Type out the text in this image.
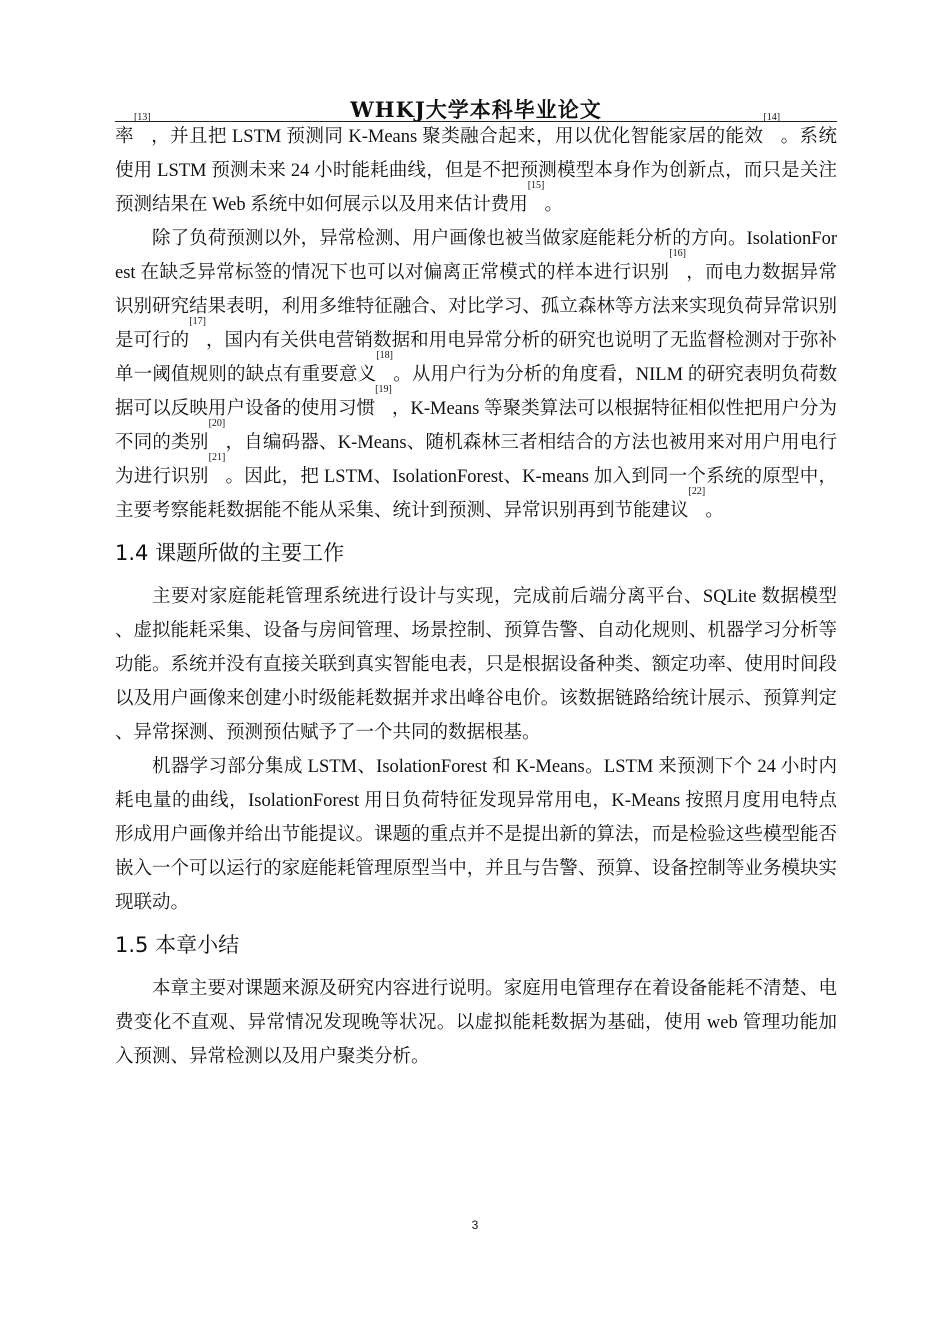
WHKJ大学本科毕业论文

率[13]，并且把 LSTM 预测同 K-Means 聚类融合起来，用以优化智能家居的能效[14]。系统使用 LSTM 预测未来 24 小时能耗曲线，但是不把预测模型本身作为创新点，而只是关注预测结果在 Web 系统中如何展示以及用来估计费用[15]。

除了负荷预测以外，异常检测、用户画像也被当做家庭能耗分析的方向。IsolationForest 在缺乏异常标签的情况下也可以对偏离正常模式的样本进行识别[16]，而电力数据异常识别研究结果表明，利用多维特征融合、对比学习、孤立森林等方法来实现负荷异常识别是可行的[17]，国内有关供电营销数据和用电异常分析的研究也说明了无监督检测对于弥补单一阈值规则的缺点有重要意义[18]。从用户行为分析的角度看，NILM 的研究表明负荷数据可以反映用户设备的使用习惯[19]，K-Means 等聚类算法可以根据特征相似性把用户分为不同的类别[20]，自编码器、K-Means、随机森林三者相结合的方法也被用来对用户用电行为进行识别[21]。因此，把 LSTM、IsolationForest、K-means 加入到同一个系统的原型中，主要考察能耗数据能不能从采集、统计到预测、异常识别再到节能建议[22]。

1.4 课题所做的主要工作

主要对家庭能耗管理系统进行设计与实现，完成前后端分离平台、SQLite 数据模型、虚拟能耗采集、设备与房间管理、场景控制、预算告警、自动化规则、机器学习分析等功能。系统并没有直接关联到真实智能电表，只是根据设备种类、额定功率、使用时间段以及用户画像来创建小时级能耗数据并求出峰谷电价。该数据链路给统计展示、预算判定、异常探测、预测预估赋予了一个共同的数据根基。

机器学习部分集成 LSTM、IsolationForest 和 K-Means。LSTM 来预测下个 24 小时内耗电量的曲线，IsolationForest 用日负荷特征发现异常用电，K-Means 按照月度用电特点形成用户画像并给出节能提议。课题的重点并不是提出新的算法，而是检验这些模型能否嵌入一个可以运行的家庭能耗管理原型当中，并且与告警、预算、设备控制等业务模块实现联动。

1.5 本章小结

本章主要对课题来源及研究内容进行说明。家庭用电管理存在着设备能耗不清楚、电费变化不直观、异常情况发现晚等状况。以虚拟能耗数据为基础，使用 web 管理功能加入预测、异常检测以及用户聚类分析。

3
